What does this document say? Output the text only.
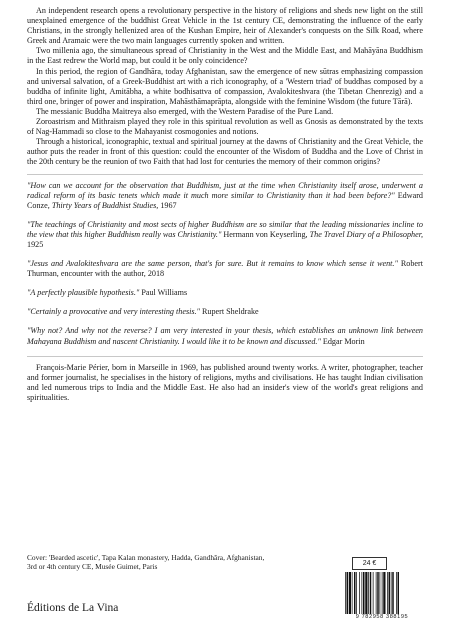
An independent research opens a revolutionary perspective in the history of religions and sheds new light on the still unexplained emergence of the buddhist Great Vehicle in the 1st century CE, demonstrating the influence of the early Christians, in the strongly hellenized area of the Kushan Empire, heir of Alexander's conquests on the Silk Road, where Greek and Aramaic were the two main languages currently spoken and written.

Two millenia ago, the simultaneous spread of Christianity in the West and the Middle East, and Mahāyāna Buddhism in the East redrew the World map, but could it be only coincidence?

In this period, the region of Gandhāra, today Afghanistan, saw the emergence of new sūtras emphasizing compassion and universal salvation, of a Greek-Buddhist art with a rich iconography, of a 'Western triad' of buddhas composed by a buddha of infinite light, Amitābha, a white bodhisattva of compassion, Avalokiteshvara (the Tibetan Chenrezig) and a third one, bringer of power and inspiration, Mahāsthāmaprāpta, alongside with the feminine Wisdom (the future Tārā).

The messianic Buddha Maitreya also emerged, with the Western Paradise of the Pure Land.

Zoroastrism and Mithraism played they role in this spiritual revolution as well as Gnosis as demonstrated by the texts of Nag-Hammadi so close to the Mahayanist cosmogonies and notions.

Through a historical, iconographic, textual and spiritual journey at the dawns of Christianity and the Great Vehicle, the author puts the reader in front of this question: could the encounter of the Wisdom of Buddha and the Love of Christ in the 20th century be the reunion of two Faith that had lost for centuries the memory of their common origins?

"How can we account for the observation that Buddhism, just at the time when Christianity itself arose, underwent a radical reform of its basic tenets which made it much more similar to Christianity than it had been before?" Edward Conze, Thirty Years of Buddhist Studies, 1967

"The teachings of Christianity and most sects of higher Buddhism are so similar that the leading missionaries incline to the view that this higher Buddhism really was Christianity." Hermann von Keyserling, The Travel Diary of a Philosopher, 1925

"Jesus and Avalokiteshvara are the same person, that's for sure. But it remains to know which sense it went." Robert Thurman, encounter with the author, 2018

"A perfectly plausible hypothesis." Paul Williams

"Certainly a provocative and very interesting thesis." Rupert Sheldrake

"Why not? And why not the reverse? I am very interested in your thesis, which establishes an unknown link between Mahayana Buddhism and nascent Christianity. I would like it to be known and discussed." Edgar Morin

François-Marie Périer, born in Marseille in 1969, has published around twenty works. A writer, photographer, teacher and former journalist, he specialises in the history of religions, myths and civilisations. He has taught Indian civilisation and led numerous trips to India and the Middle East. He also had an insider's view of the world's great religions and spiritualities.

Cover: 'Bearded ascetic', Tapa Kalan monastery, Hadda, Gandhāra, Afghanistan,
3rd or 4th century CE, Musée Guimet, Paris	24 €
9 782958 388195
Éditions de La Vina
